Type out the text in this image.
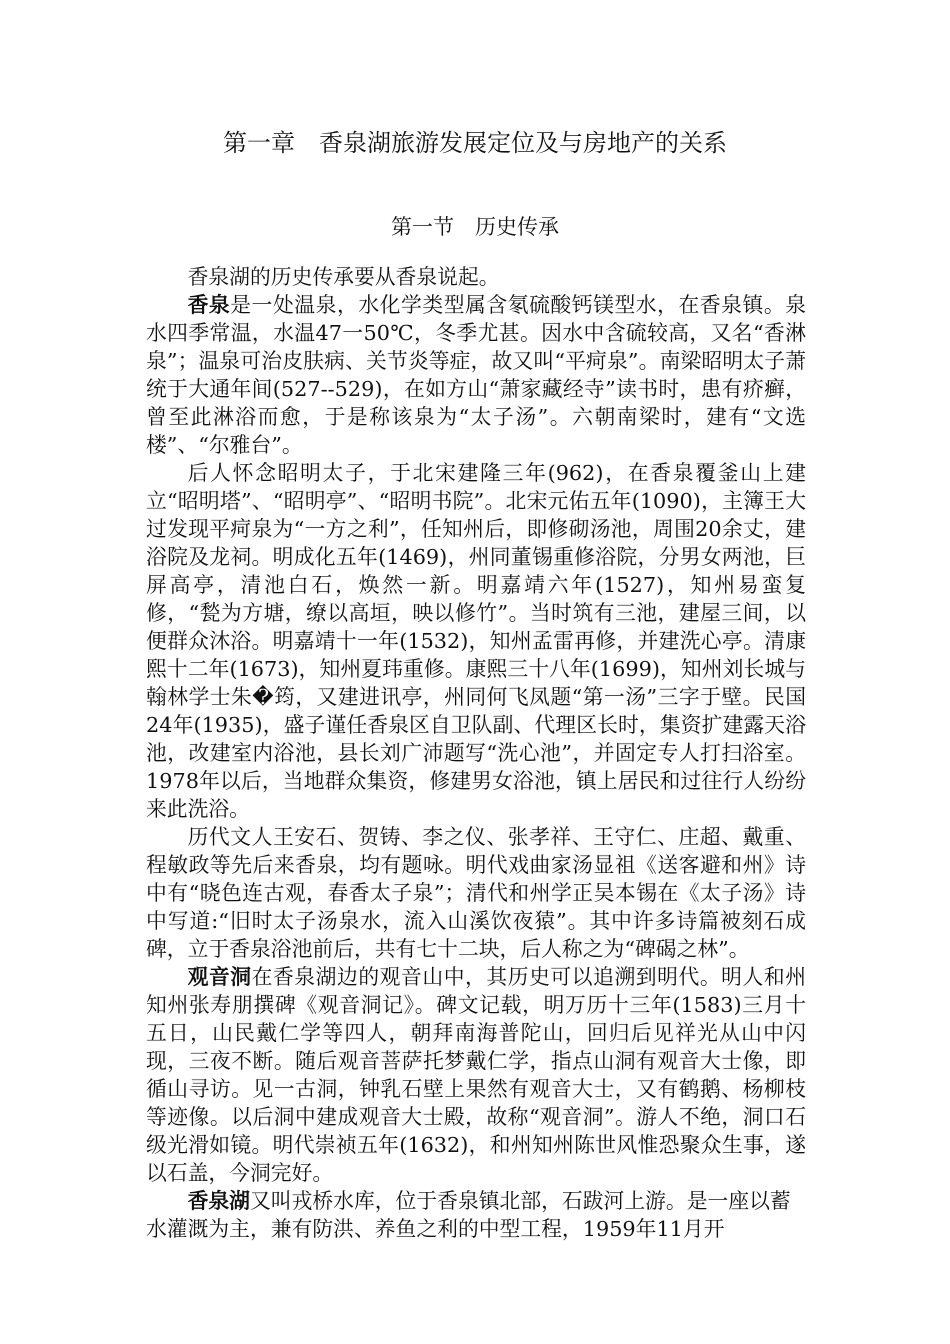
第一章　香泉湖旅游发展定位及与房地产的关系
第一节　历史传承

香泉湖的历史传承要从香泉说起。

香泉是一处温泉，水化学类型属含氡硫酸钙镁型水，在香泉镇。泉水四季常温，水温47一50℃，冬季尤甚。因水中含硫较高，又名“香淋泉”；温泉可治皮肤病、关节炎等症，故又叫“平疴泉”。南梁昭明太子萧统于大通年间(527--529)，在如方山“萧家藏经寺”读书时，患有疥癣，曾至此淋浴而愈，于是称该泉为“太子汤”。六朝南梁时，建有“文选楼”、“尔雅台”。

后人怀念昭明太子，于北宋建隆三年(962)，在香泉覆釜山上建立“昭明塔”、“昭明亭”、“昭明书院”。北宋元佑五年(1090)，主簿王大过发现平疴泉为“一方之利”，任知州后，即修砌汤池，周围20余丈，建浴院及龙祠。明成化五年(1469)，州同董锡重修浴院，分男女两池，巨屏高亭，清池白石，焕然一新。明嘉靖六年(1527)，知州易蛮复修，“甃为方塘，缭以高垣，映以修竹”。当时筑有三池，建屋三间，以便群众沐浴。明嘉靖十一年(1532)，知州孟雷再修，并建洗心亭。清康熙十二年(1673)，知州夏玮重修。康熙三十八年(1699)，知州刘长城与翰林学士朱�筠，又建进讯亭，州同何飞凤题“第一汤”三字于壁。民国24年(1935)，盛子谨任香泉区自卫队副、代理区长时，集资扩建露天浴池，改建室内浴池，县长刘广沛题写“洗心池”，并固定专人打扫浴室。1978年以后，当地群众集资，修建男女浴池，镇上居民和过往行人纷纷来此洗浴。

历代文人王安石、贺铸、李之仪、张孝祥、王守仁、庄超、戴重、程敏政等先后来香泉，均有题咏。明代戏曲家汤显祖《送客避和州》诗中有“晓色连古观，春香太子泉”；清代和州学正吴本锡在《太子汤》诗中写道:“旧时太子汤泉水，流入山溪饮夜猿”。其中许多诗篇被刻石成碑，立于香泉浴池前后，共有七十二块，后人称之为“碑碣之林”。

观音洞在香泉湖边的观音山中，其历史可以追溯到明代。明人和州知州张寿朋撰碑《观音洞记》。碑文记载，明万历十三年(1583)三月十五日，山民戴仁学等四人，朝拜南海普陀山，回归后见祥光从山中闪现，三夜不断。随后观音菩萨托梦戴仁学，指点山洞有观音大士像，即循山寻访。见一古洞，钟乳石壁上果然有观音大士，又有鹤鹅、杨柳枝等迹像。以后洞中建成观音大士殿，故称“观音洞”。游人不绝，洞口石级光滑如镜。明代崇祯五年(1632)，和州知州陈世风惟恐聚众生事，遂以石盖，今洞完好。

香泉湖又叫戎桥水库，位于香泉镇北部，石跋河上游。是一座以蓄水灌溉为主，兼有防洪、养鱼之利的中型工程，1959年11月开
